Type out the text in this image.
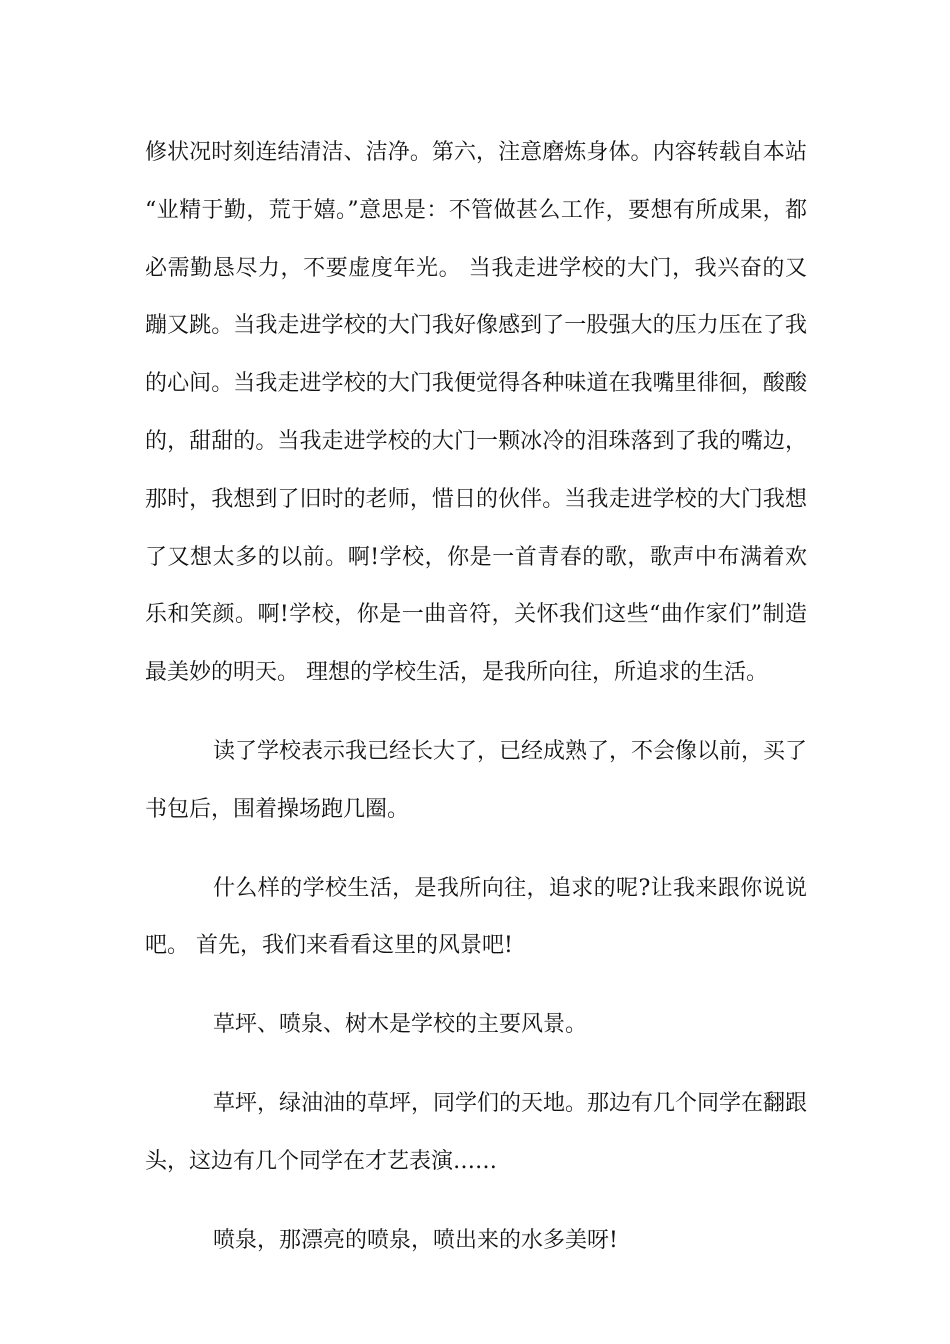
修状况时刻连结清洁、洁净。第六，注意磨炼身体。内容转载自本站 “业精于勤，荒于嬉。”意思是：不管做甚么工作，要想有所成果，都必需勤恳尽力，不要虚度年光。 当我走进学校的大门，我兴奋的又蹦又跳。当我走进学校的大门我好像感到了一股强大的压力压在了我的心间。当我走进学校的大门我便觉得各种味道在我嘴里徘徊，酸酸的，甜甜的。当我走进学校的大门一颗冰冷的泪珠落到了我的嘴边，那时，我想到了旧时的老师，惜日的伙伴。当我走进学校的大门我想了又想太多的以前。啊!学校，你是一首青春的歌，歌声中布满着欢乐和笑颜。啊!学校，你是一曲音符，关怀我们这些“曲作家们”制造最美妙的明天。 理想的学校生活，是我所向往，所追求的生活。

读了学校表示我已经长大了，已经成熟了，不会像以前，买了书包后，围着操场跑几圈。

什么样的学校生活，是我所向往，追求的呢?让我来跟你说说吧。 首先，我们来看看这里的风景吧!

草坪、喷泉、树木是学校的主要风景。

草坪，绿油油的草坪，同学们的天地。那边有几个同学在翻跟头，这边有几个同学在才艺表演……

喷泉，那漂亮的喷泉，喷出来的水多美呀!
